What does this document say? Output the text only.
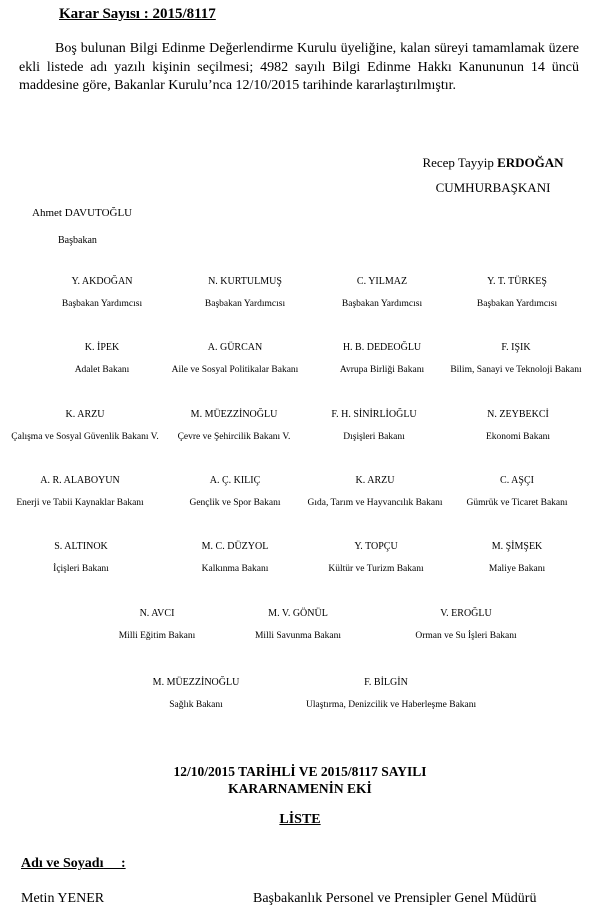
Karar Sayısı : 2015/8117
Boş bulunan Bilgi Edinme Değerlendirme Kurulu üyeliğine, kalan süreyi tamamlamak üzere ekli listede adı yazılı kişinin seçilmesi; 4982 sayılı Bilgi Edinme Hakkı Kanununun 14 üncü maddesine göre, Bakanlar Kurulu’nca 12/10/2015 tarihinde kararlaştırılmıştır.
Recep Tayyip ERDOĞAN
CUMHURBAŞKANI
Ahmet DAVUTOĞLU
Başbakan
Y. AKDOĞAN
Başbakan Yardımcısı
N. KURTULMUŞ
Başbakan Yardımcısı
C. YILMAZ
Başbakan Yardımcısı
Y. T. TÜRKEŞ
Başbakan Yardımcısı
K. İPEK
Adalet Bakanı
A. GÜRCAN
Aile ve Sosyal Politikalar Bakanı
H. B. DEDEOĞLU
Avrupa Birliği Bakanı
F. IŞIK
Bilim, Sanayi ve Teknoloji Bakanı
K. ARZU
Çalışma ve Sosyal Güvenlik Bakanı V.
M. MÜEZZİNOĞLU
Çevre ve Şehircilik Bakanı V.
F. H. SİNİRLİOĞLU
Dışişleri Bakanı
N. ZEYBEKCİ
Ekonomi Bakanı
A. R. ALABOYUN
Enerji ve Tabii Kaynaklar Bakanı
A. Ç. KILIÇ
Gençlik ve Spor Bakanı
K. ARZU
Gıda, Tarım ve Hayvancılık Bakanı
C. AŞÇI
Gümrük ve Ticaret Bakanı
S. ALTINOK
İçişleri Bakanı
M. C. DÜZYOL
Kalkınma Bakanı
Y. TOPÇU
Kültür ve Turizm Bakanı
M. ŞİMŞEK
Maliye Bakanı
N. AVCI
Milli Eğitim Bakanı
M. V. GÖNÜL
Milli Savunma Bakanı
V. EROĞLU
Orman ve Su İşleri Bakanı
M. MÜEZZİNOĞLU
Sağlık Bakanı
F. BİLGİN
Ulaştırma, Denizcilik ve Haberleşme Bakanı
12/10/2015 TARİHLİ VE 2015/8117 SAYILI
KARARNAMENİN EKİ
LİSTE
Adı ve Soyadı :
Metin YENER	Başbakanlık Personel ve Prensipler Genel Müdürü
